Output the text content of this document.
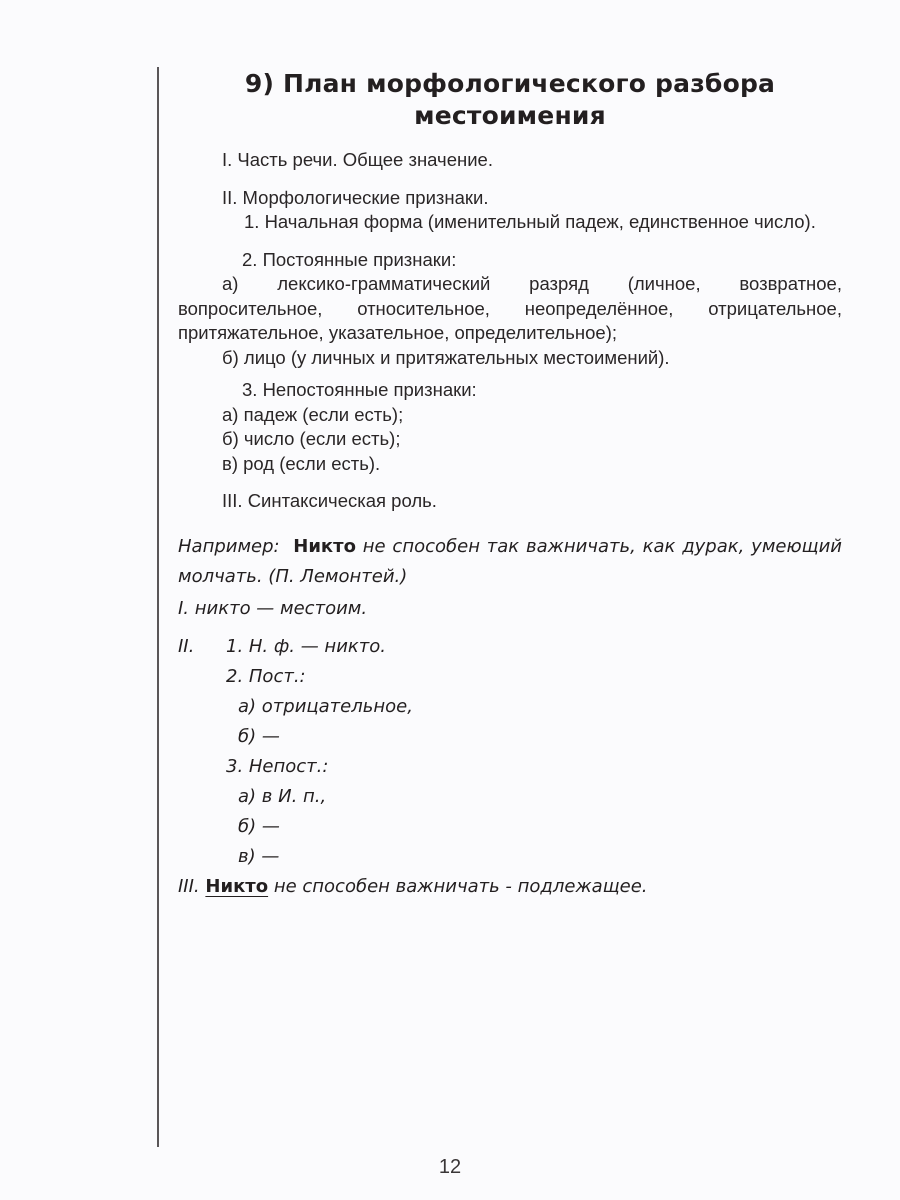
9) План морфологического разбора
местоимения

I. Часть речи. Общее значение.

II. Морфологические признаки.

1. Начальная форма (именительный падеж, единственное число).

2. Постоянные признаки:

а) лексико-грамматический разряд (личное, возвратное, вопросительное, относительное, неопределённое, отрицательное, притяжательное, указательное, определительное);

б) лицо (у личных и притяжательных местоимений).

3. Непостоянные признаки:

а) падеж (если есть);

б) число (если есть);

в) род (если есть).

III. Синтаксическая роль.

Например: Никто не способен так важничать, как дурак, умеющий молчать. (П. Лемонтей.)

I. никто — местоим.

II. 1. Н. ф. — никто.

2. Пост.:

а) отрицательное,

б) —

3. Непост.:

а) в И. п.,

б) —

в) —

III. Никто не способен важничать - подлежащее.

12
